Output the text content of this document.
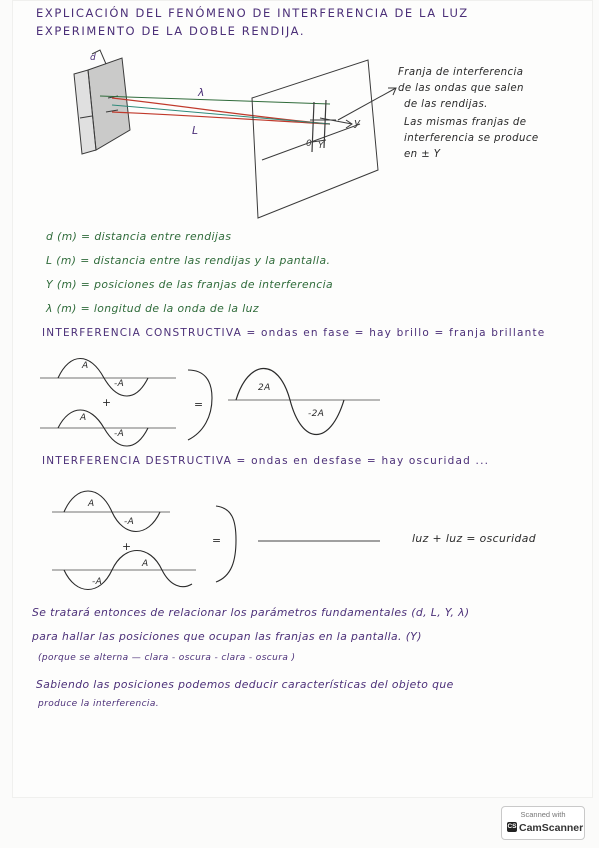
EXPLICACIÓN DEL FENÓMENO DE INTERFERENCIA DE LA LUZ
EXPERIMENTO DE LA DOBLE RENDIJA.
d
λ
L
y
Y
0
Franja de interferencia
de las ondas que salen
de las rendijas.
Las mismas franjas de
interferencia se produce
en ± Y
d (m) = distancia entre rendijas
L (m) = distancia entre las rendijas y la pantalla.
Y (m) = posiciones de las franjas de interferencia
λ (m) = longitud de la onda de la luz
INTERFERENCIA CONSTRUCTIVA = ondas en fase = hay brillo = franja brillante
A
-A
+
A
-A
=
2A
-2A
INTERFERENCIA DESTRUCTIVA = ondas en desfase = hay oscuridad ...
A
-A
+
A
-A
=	luz + luz = oscuridad
Se tratará entonces de relacionar los parámetros fundamentales (d, L, Y, λ)
para hallar las posiciones que ocupan las franjas en la pantalla. (Y)
(porque se alterna — clara - oscura - clara - oscura )
Sabiendo las posiciones podemos deducir características del objeto que
produce la interferencia.
Scanned with
CS CamScanner
